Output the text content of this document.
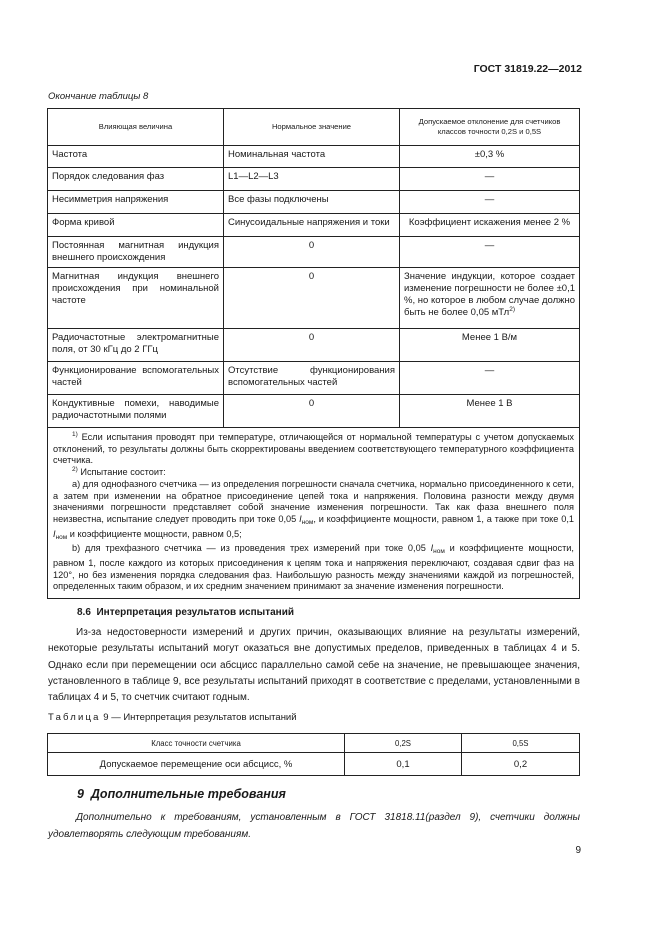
ГОСТ 31819.22—2012
Окончание таблицы 8
Влияющая величина	Нормальное значение	Допускаемое отклонение для счетчиков классов точности 0,2S и 0,5S
Частота	Номинальная частота	±0,3 %
Порядок следования фаз	L1—L2—L3	—
Несимметрия напряжения	Все фазы подключены	—
Форма кривой	Синусоидальные напряжения и токи	Коэффициент искажения менее 2 %
Постоянная магнитная индукция внешнего происхождения	0	—
Магнитная индукция внешнего происхождения при номинальной частоте	0	Значение индукции, которое создает изменение погрешности не более ±0,1 %, но которое в любом случае должно быть не более 0,05 мТл$^{2)}$
Радиочастотные электромагнитные поля, от 30 кГц до 2 ГГц	0	Менее 1 В/м
Функционирование вспомогательных частей	Отсутствие функционирования вспомогательных частей	—
Кондуктивные помехи, наводимые радиочастотными полями	0	Менее 1 В

$^{1)}$ Если испытания проводят при температуре, отличающейся от нормальной температуры с учетом допускаемых отклонений, то результаты должны быть скорректированы введением соответствующего температурного коэффициента счетчика.

$^{2)}$ Испытание состоит:

а) для однофазного счетчика — из определения погрешности сначала счетчика, нормально присоединенного к сети, а затем при изменении на обратное присоединение цепей тока и напряжения. Половина разности между двумя значениями погрешности представляет собой значение изменения погрешности. Так как фаза внешнего поля неизвестна, испытание следует проводить при токе 0,05 $I_{ном}$, и коэффициенте мощности, равном 1, а также при токе 0,1 $I_{ном}$ и коэффициенте мощности, равном 0,5;

b) для трехфазного счетчика — из проведения трех измерений при токе 0,05 $I_{ном}$ и коэффициенте мощности, равном 1, после каждого из которых присоединения к цепям тока и напряжения переключают, создавая сдвиг фаз на 120°, но без изменения порядка следования фаз. Наибольшую разность между значениями каждой из погрешностей, определенных таким образом, и их средним значением принимают за значение изменения погрешности.		

8.6 Интерпретация результатов испытаний

Из-за недостоверности измерений и других причин, оказывающих влияние на результаты измерений, некоторые результаты испытаний могут оказаться вне допустимых пределов, приведенных в таблицах 4 и 5. Однако если при перемещении оси абсцисс параллельно самой себе на значение, не превышающее значения, установленного в таблице 9, все результаты испытаний приходят в соответствие с пределами, установленными в таблицах 4 и 5, то счетчик считают годным.

Таблица 9 — Интерпретация результатов испытаний
Класс точности счетчика	0,2S	0,5S
Допускаемое перемещение оси абсцисс, %	0,1	0,2
9 Дополнительные требования

Дополнительно к требованиям, установленным в ГОСТ 31818.11(раздел 9), счетчики должны удовлетворять следующим требованиям.

9
